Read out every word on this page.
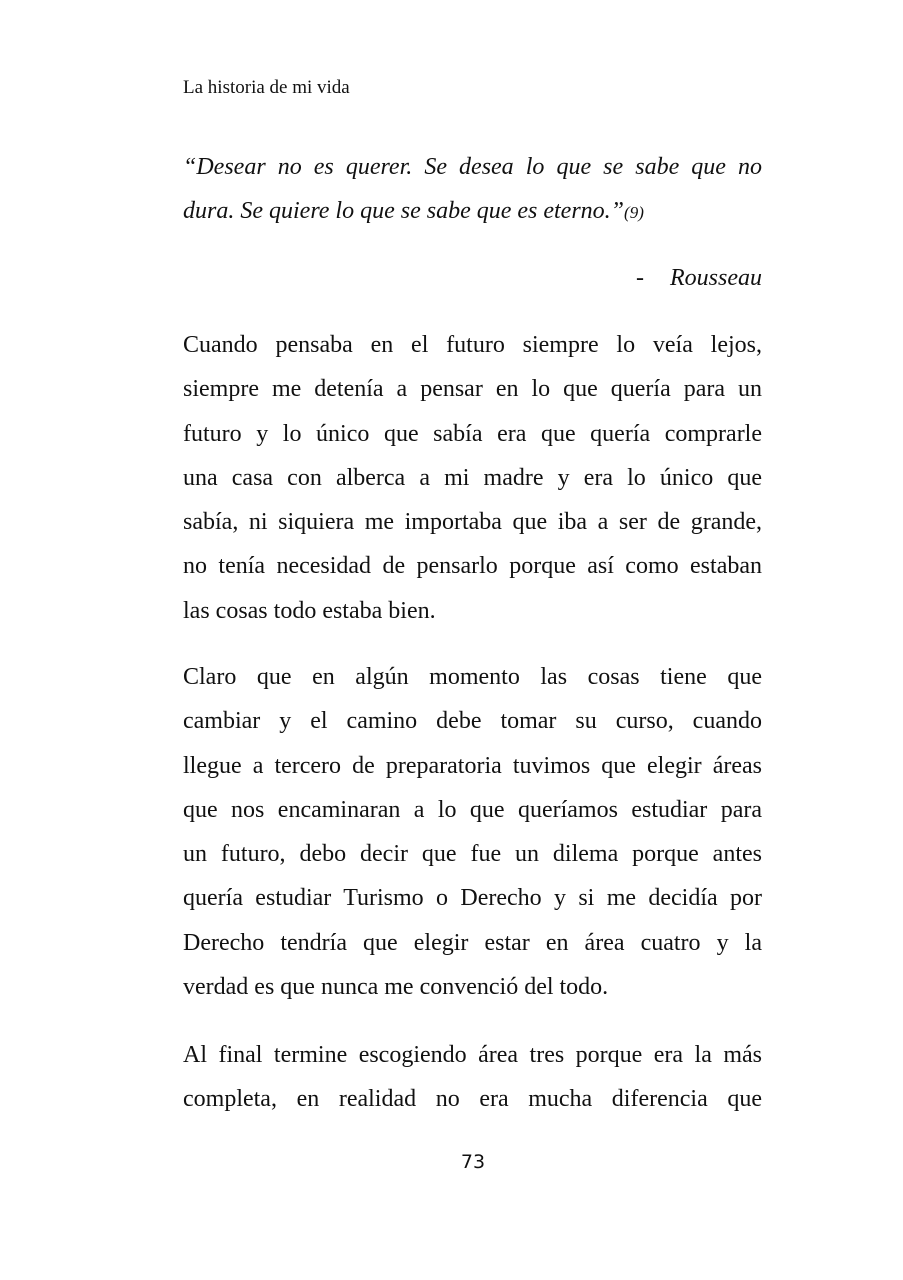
La historia de mi vida
“Desear no es querer. Se desea lo que se sabe que no
dura. Se quiere lo que se sabe que es eterno.”(9)
- Rousseau
Cuando pensaba en el futuro siempre lo veía lejos,
siempre me detenía a pensar en lo que quería para un
futuro y lo único que sabía era que quería comprarle
una casa con alberca a mi madre y era lo único que
sabía, ni siquiera me importaba que iba a ser de grande,
no tenía necesidad de pensarlo porque así como estaban
las cosas todo estaba bien.
Claro que en algún momento las cosas tiene que
cambiar y el camino debe tomar su curso, cuando
llegue a tercero de preparatoria tuvimos que elegir áreas
que nos encaminaran a lo que queríamos estudiar para
un futuro, debo decir que fue un dilema porque antes
quería estudiar Turismo o Derecho y si me decidía por
Derecho tendría que elegir estar en área cuatro y la
verdad es que nunca me convenció del todo.
Al final termine escogiendo área tres porque era la más
completa, en realidad no era mucha diferencia que
73
